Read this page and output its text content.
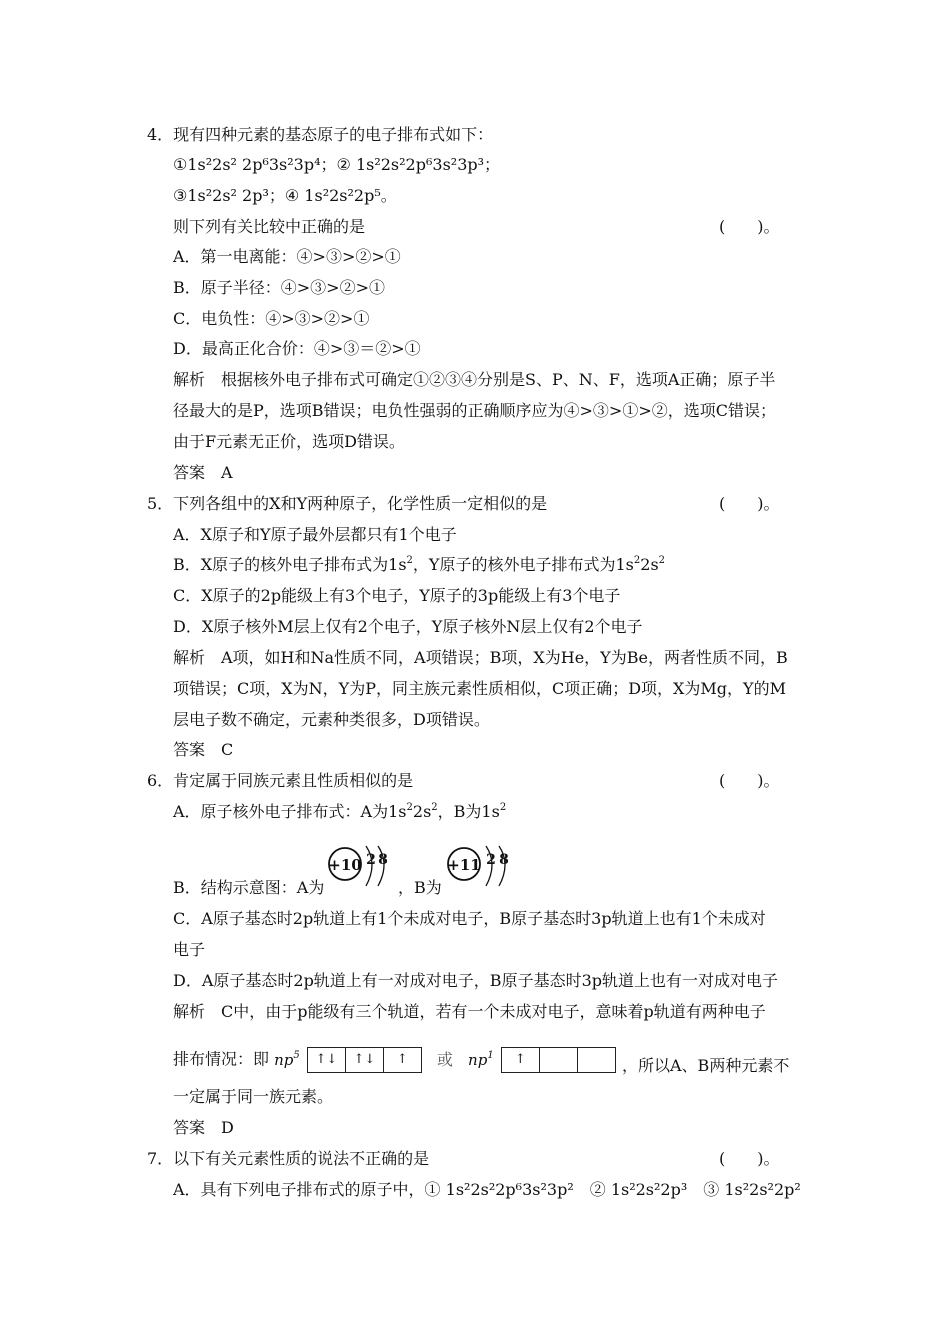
4．现有四种元素的基态原子的电子排布式如下：
①1s²2s² 2p⁶3s²3p⁴；② 1s²2s²2p⁶3s²3p³；
③1s²2s² 2p³；④ 1s²2s²2p⁵。
则下列有关比较中正确的是	(　　)。
A．第一电离能：④>③>②>①
B．原子半径：④>③>②>①
C．电负性：④>③>②>①
D．最高正化合价：④>③＝②>①
解析　根据核外电子排布式可确定①②③④分别是S、P、N、F，选项A正确；原子半
径最大的是P，选项B错误；电负性强弱的正确顺序应为④>③>①>②，选项C错误；
由于F元素无正价，选项D错误。
答案　A
5．下列各组中的X和Y两种原子，化学性质一定相似的是	(　　)。
A．X原子和Y原子最外层都只有1个电子
B．X原子的核外电子排布式为$1s^2$，Y原子的核外电子排布式为$1s^22s^2$
C．X原子的2p能级上有3个电子，Y原子的3p能级上有3个电子
D．X原子核外M层上仅有2个电子，Y原子核外N层上仅有2个电子
解析　A项，如H和Na性质不同，A项错误；B项，X为He，Y为Be，两者性质不同，B
项错误；C项，X为N，Y为P，同主族元素性质相似，C项正确；D项，X为Mg，Y的M
层电子数不确定，元素种类很多，D项错误。
答案　C
6．肯定属于同族元素且性质相似的是	(　　)。
A．原子核外电子排布式：A为$1s^22s^2$，B为$1s^2$
B．结构示意图：A为	，B为
+10 2 8	+11 2 8
C．A原子基态时2p轨道上有1个未成对电子，B原子基态时3p轨道上也有1个未成对
电子
D．A原子基态时2p轨道上有一对成对电子，B原子基态时3p轨道上也有一对成对电子
解析　C中，由于p能级有三个轨道，若有一个未成对电子，意味着p轨道有两种电子
排布情况：即 $np^5$	↑↓	↑↓	↑	或 $np^1$	↑	，所以A、B两种元素不
一定属于同一族元素。
答案　D
7．以下有关元素性质的说法不正确的是	(　　)。
A．具有下列电子排布式的原子中，① 1s²2s²2p⁶3s²3p²　② 1s²2s²2p³　③ 1s²2s²2p²
